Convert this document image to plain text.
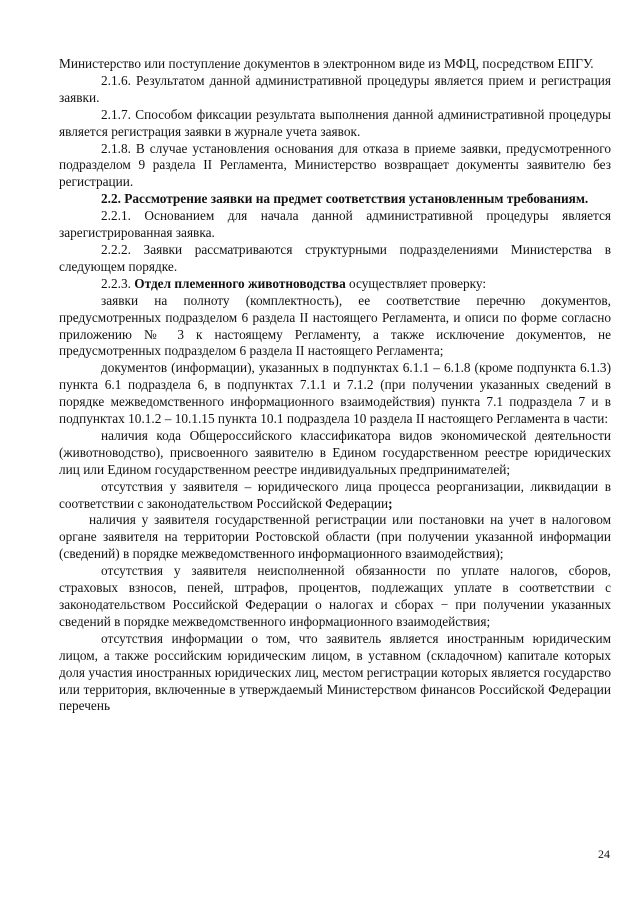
Министерство или поступление документов в электронном виде из МФЦ, посредством ЕПГУ.

2.1.6. Результатом данной административной процедуры является прием и регистрация заявки.

2.1.7. Способом фиксации результата выполнения данной административной процедуры является регистрация заявки в журнале учета заявок.

2.1.8. В случае установления основания для отказа в приеме заявки, предусмотренного подразделом 9 раздела II Регламента, Министерство возвращает документы заявителю без регистрации.

2.2. Рассмотрение заявки на предмет соответствия установленным требованиям.

2.2.1. Основанием для начала данной административной процедуры является зарегистрированная заявка.

2.2.2. Заявки рассматриваются структурными подразделениями Министерства в следующем порядке.

2.2.3. Отдел племенного животноводства осуществляет проверку:

заявки на полноту (комплектность), ее соответствие перечню документов, предусмотренных подразделом 6 раздела II настоящего Регламента, и описи по форме согласно приложению № 3 к настоящему Регламенту, а также исключение документов, не предусмотренных подразделом 6 раздела II настоящего Регламента;

документов (информации), указанных в подпунктах 6.1.1 – 6.1.8 (кроме подпункта 6.1.3) пункта 6.1 подраздела 6, в подпунктах 7.1.1 и 7.1.2 (при получении указанных сведений в порядке межведомственного информационного взаимодействия) пункта 7.1 подраздела 7 и в подпунктах 10.1.2 – 10.1.15 пункта 10.1 подраздела 10 раздела II настоящего Регламента в части:

наличия кода Общероссийского классификатора видов экономической деятельности (животноводство), присвоенного заявителю в Едином государственном реестре юридических лиц или Едином государственном реестре индивидуальных предпринимателей;

отсутствия у заявителя – юридического лица процесса реорганизации, ликвидации в соответствии с законодательством Российской Федерации;

наличия у заявителя государственной регистрации или постановки на учет в налоговом органе заявителя на территории Ростовской области (при получении указанной информации (сведений) в порядке межведомственного информационного взаимодействия);

отсутствия у заявителя неисполненной обязанности по уплате налогов, сборов, страховых взносов, пеней, штрафов, процентов, подлежащих уплате в соответствии с законодательством Российской Федерации о налогах и сборах − при получении указанных сведений в порядке межведомственного информационного взаимодействия;

отсутствия информации о том, что заявитель является иностранным юридическим лицом, а также российским юридическим лицом, в уставном (складочном) капитале которых доля участия иностранных юридических лиц, местом регистрации которых является государство или территория, включенные в утверждаемый Министерством финансов Российской Федерации перечень

24
